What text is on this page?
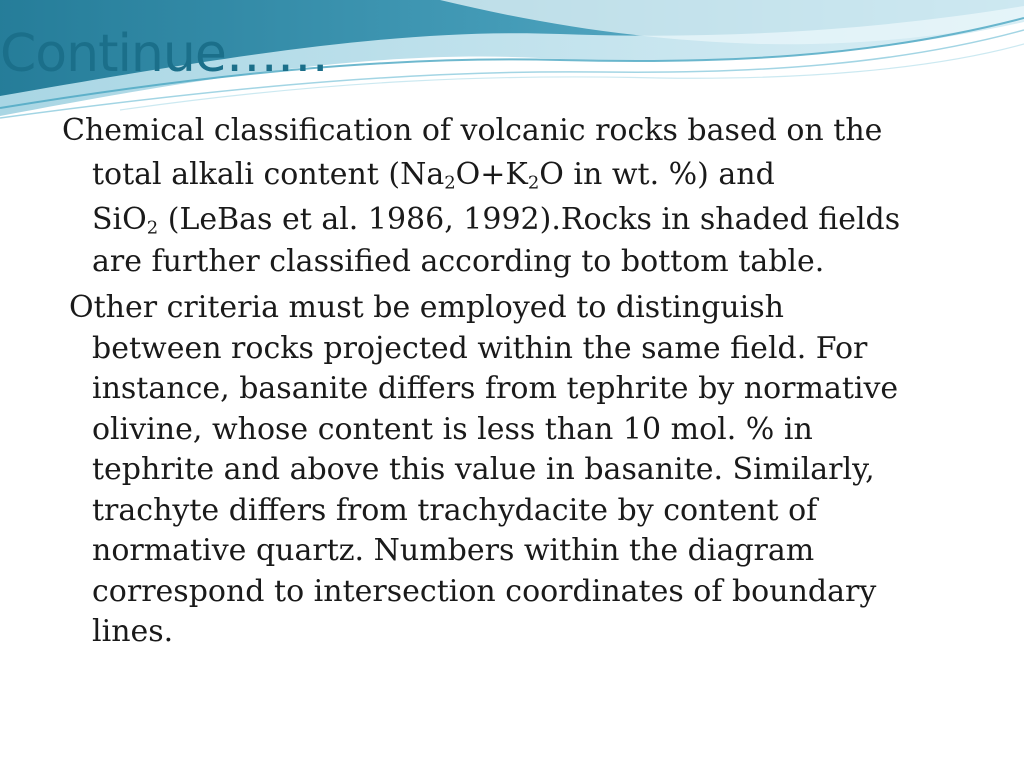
Continue……

Chemical classification of volcanic rocks based on the
total alkali content ($Na_2O+K_2O$ in wt. %) and
SiO$_2$ (LeBas et al. 1986, 1992).Rocks in shaded fields
are further classified according to bottom table.

Other criteria must be employed to distinguish
between rocks projected within the same field. For
instance, basanite differs from tephrite by normative
olivine, whose content is less than 10 mol. % in
tephrite and above this value in basanite. Similarly,
trachyte differs from trachydacite by content of
normative quartz. Numbers within the diagram
correspond to intersection coordinates of boundary
lines.
